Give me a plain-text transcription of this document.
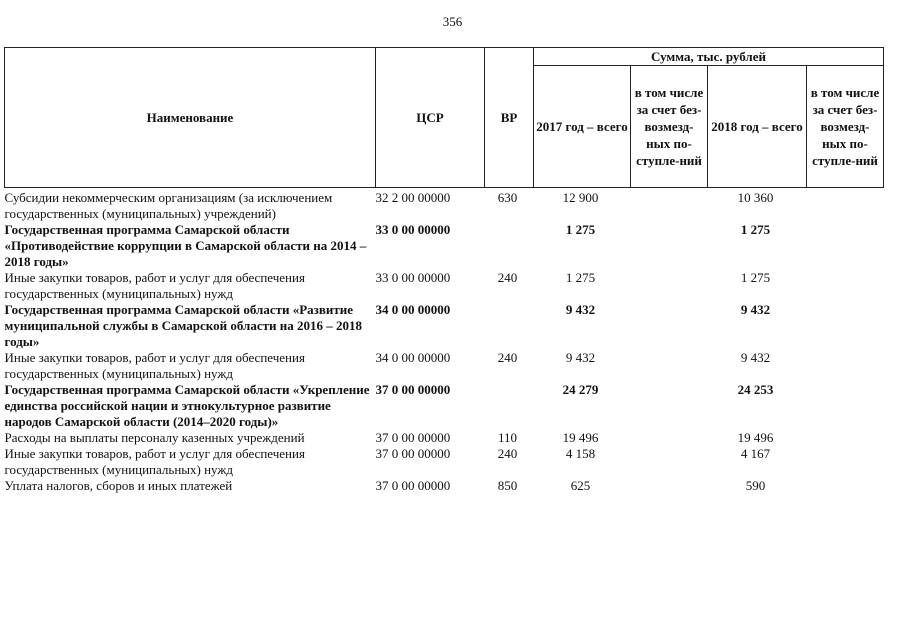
356
Наименование	ЦСР	ВР	Сумма, тыс. рублей			
			2017 год – всего	в том числе за счет без-возмезд-ных по-ступле-ний	2018 год – всего	в том числе за счет без-возмезд-ных по-ступле-ний
Субсидии некоммерческим организациям (за исключением государственных (муниципальных) учреждений)	32 2 00 00000	630	12 900		10 360	
Государственная программа Самарской области «Противодействие коррупции в Самарской области на 2014 – 2018 годы»	33 0 00 00000		1 275		1 275	
Иные закупки товаров, работ и услуг для обеспечения государственных (муниципальных) нужд	33 0 00 00000	240	1 275		1 275	
Государственная программа Самарской области «Развитие муниципальной службы в Самарской области на 2016 – 2018 годы»	34 0 00 00000		9 432		9 432	
Иные закупки товаров, работ и услуг для обеспечения государственных (муниципальных) нужд	34 0 00 00000	240	9 432		9 432	
Государственная программа Самарской области «Укрепление единства российской нации и этнокультурное развитие народов Самарской области (2014–2020 годы)»	37 0 00 00000		24 279		24 253	
Расходы на выплаты персоналу казенных учреждений	37 0 00 00000	110	19 496		19 496	
Иные закупки товаров, работ и услуг для обеспечения государственных (муниципальных) нужд	37 0 00 00000	240	4 158		4 167	
Уплата налогов, сборов и иных платежей	37 0 00 00000	850	625		590	
